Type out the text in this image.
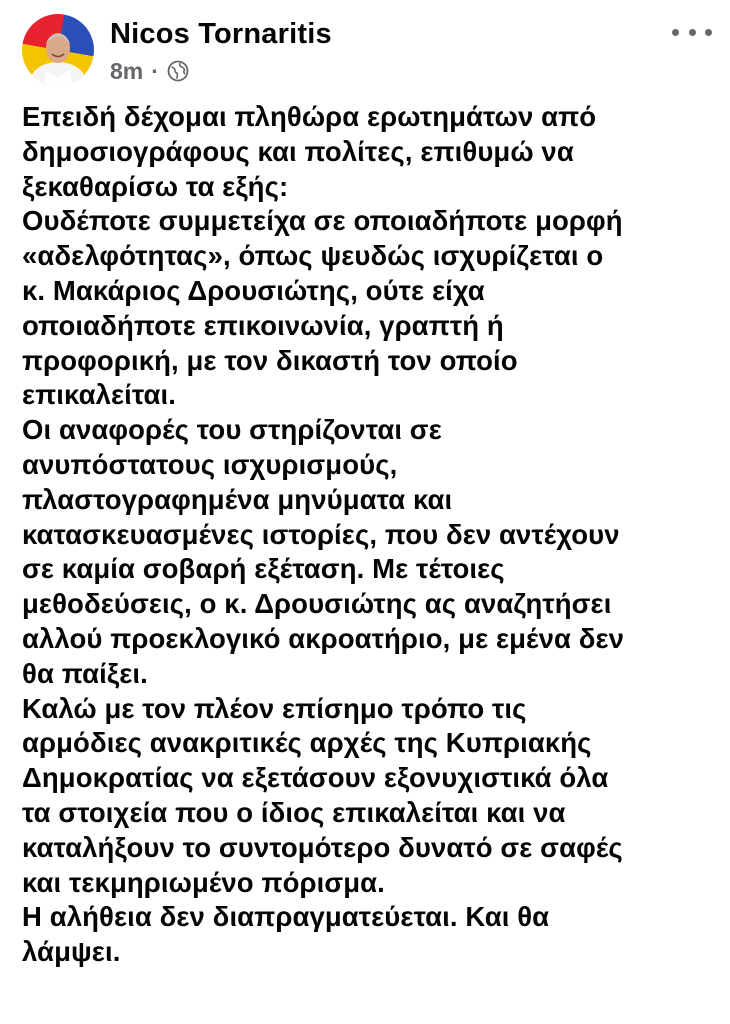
Nicos Tornaritis
8m ·
Επειδή δέχομαι πληθώρα ερωτημάτων από
δημοσιογράφους και πολίτες, επιθυμώ να
ξεκαθαρίσω τα εξής:
Ουδέποτε συμμετείχα σε οποιαδήποτε μορφή
«αδελφότητας», όπως ψευδώς ισχυρίζεται ο
κ. Μακάριος Δρουσιώτης, ούτε είχα
οποιαδήποτε επικοινωνία, γραπτή ή
προφορική, με τον δικαστή τον οποίο
επικαλείται.
Οι αναφορές του στηρίζονται σε
ανυπόστατους ισχυρισμούς,
πλαστογραφημένα μηνύματα και
κατασκευασμένες ιστορίες, που δεν αντέχουν
σε καμία σοβαρή εξέταση. Με τέτοιες
μεθοδεύσεις, ο κ. Δρουσιώτης ας αναζητήσει
αλλού προεκλογικό ακροατήριο, με εμένα δεν
θα παίξει.
Καλώ με τον πλέον επίσημο τρόπο τις
αρμόδιες ανακριτικές αρχές της Κυπριακής
Δημοκρατίας να εξετάσουν εξονυχιστικά όλα
τα στοιχεία που ο ίδιος επικαλείται και να
καταλήξουν το συντομότερο δυνατό σε σαφές
και τεκμηριωμένο πόρισμα.
Η αλήθεια δεν διαπραγματεύεται. Και θα
λάμψει.
